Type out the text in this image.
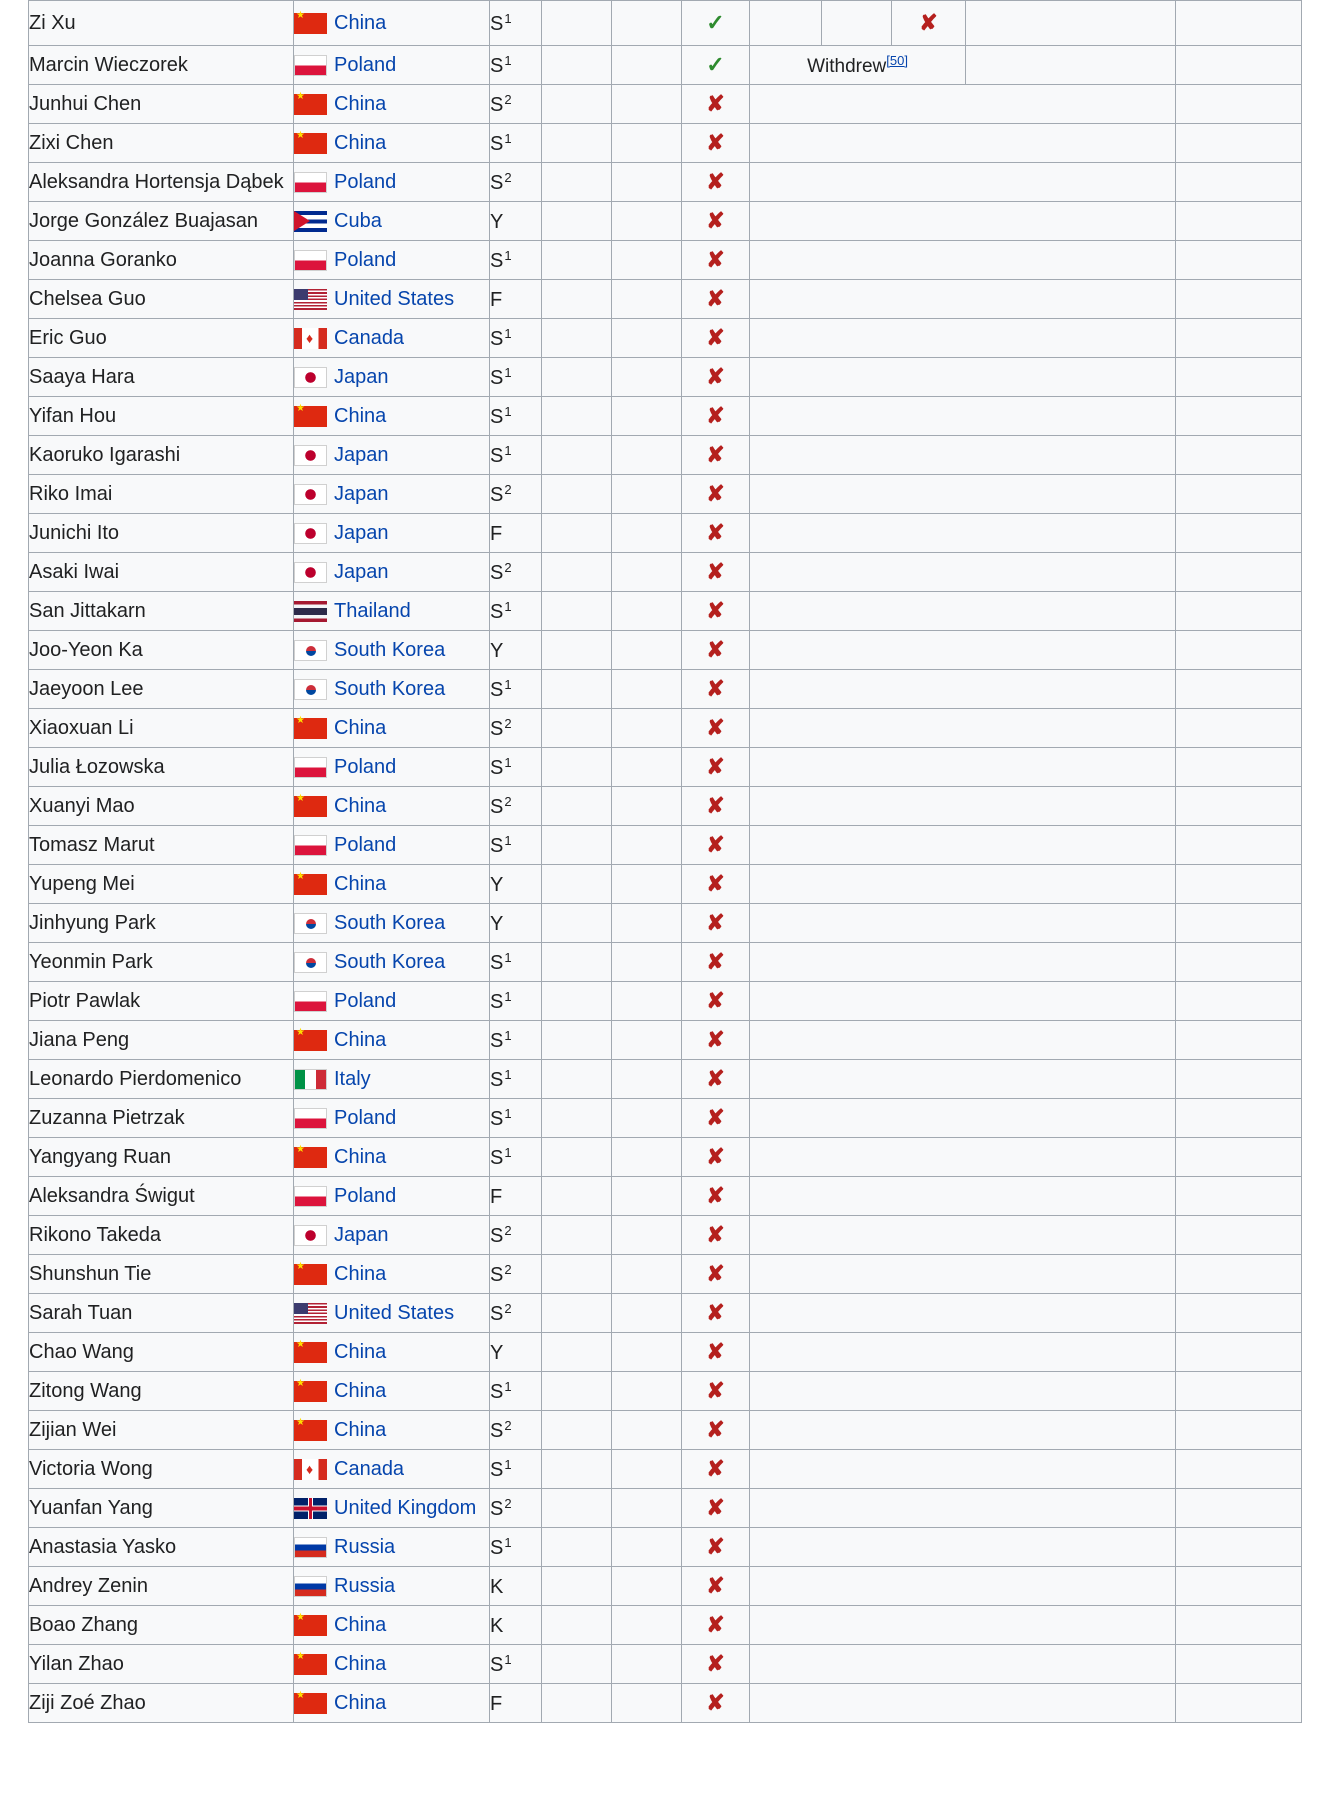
Zi Xu	★China	$S^1$			✓			✘		
Marcin Wieczorek	Poland	$S^1$			✓	Withdrew[50]		
Junhui Chen	★China	$S^2$			✘					
Zixi Chen	★China	$S^1$			✘					
Aleksandra Hortensja Dąbek	Poland	$S^2$			✘					
Jorge González Buajasan	Cuba	Y			✘					
Joanna Goranko	Poland	$S^1$			✘					
Chelsea Guo	United States	F			✘					
Eric Guo	♦Canada	$S^1$			✘					
Saaya Hara	Japan	$S^1$			✘					
Yifan Hou	★China	$S^1$			✘					
Kaoruko Igarashi	Japan	$S^1$			✘					
Riko Imai	Japan	$S^2$			✘					
Junichi Ito	Japan	F			✘					
Asaki Iwai	Japan	$S^2$			✘					
San Jittakarn	Thailand	$S^1$			✘					
Joo-Yeon Ka	South Korea	Y			✘					
Jaeyoon Lee	South Korea	$S^1$			✘					
Xiaoxuan Li	★China	$S^2$			✘					
Julia Łozowska	Poland	$S^1$			✘					
Xuanyi Mao	★China	$S^2$			✘					
Tomasz Marut	Poland	$S^1$			✘					
Yupeng Mei	★China	Y			✘					
Jinhyung Park	South Korea	Y			✘					
Yeonmin Park	South Korea	$S^1$			✘					
Piotr Pawlak	Poland	$S^1$			✘					
Jiana Peng	★China	$S^1$			✘					
Leonardo Pierdomenico	Italy	$S^1$			✘					
Zuzanna Pietrzak	Poland	$S^1$			✘					
Yangyang Ruan	★China	$S^1$			✘					
Aleksandra Świgut	Poland	F			✘					
Rikono Takeda	Japan	$S^2$			✘					
Shunshun Tie	★China	$S^2$			✘					
Sarah Tuan	United States	$S^2$			✘					
Chao Wang	★China	Y			✘					
Zitong Wang	★China	$S^1$			✘					
Zijian Wei	★China	$S^2$			✘					
Victoria Wong	♦Canada	$S^1$			✘					
Yuanfan Yang	United Kingdom	$S^2$			✘					
Anastasia Yasko	Russia	$S^1$			✘					
Andrey Zenin	Russia	K			✘					
Boao Zhang	★China	K			✘					
Yilan Zhao	★China	$S^1$			✘					
Ziji Zoé Zhao	★China	F			✘					
